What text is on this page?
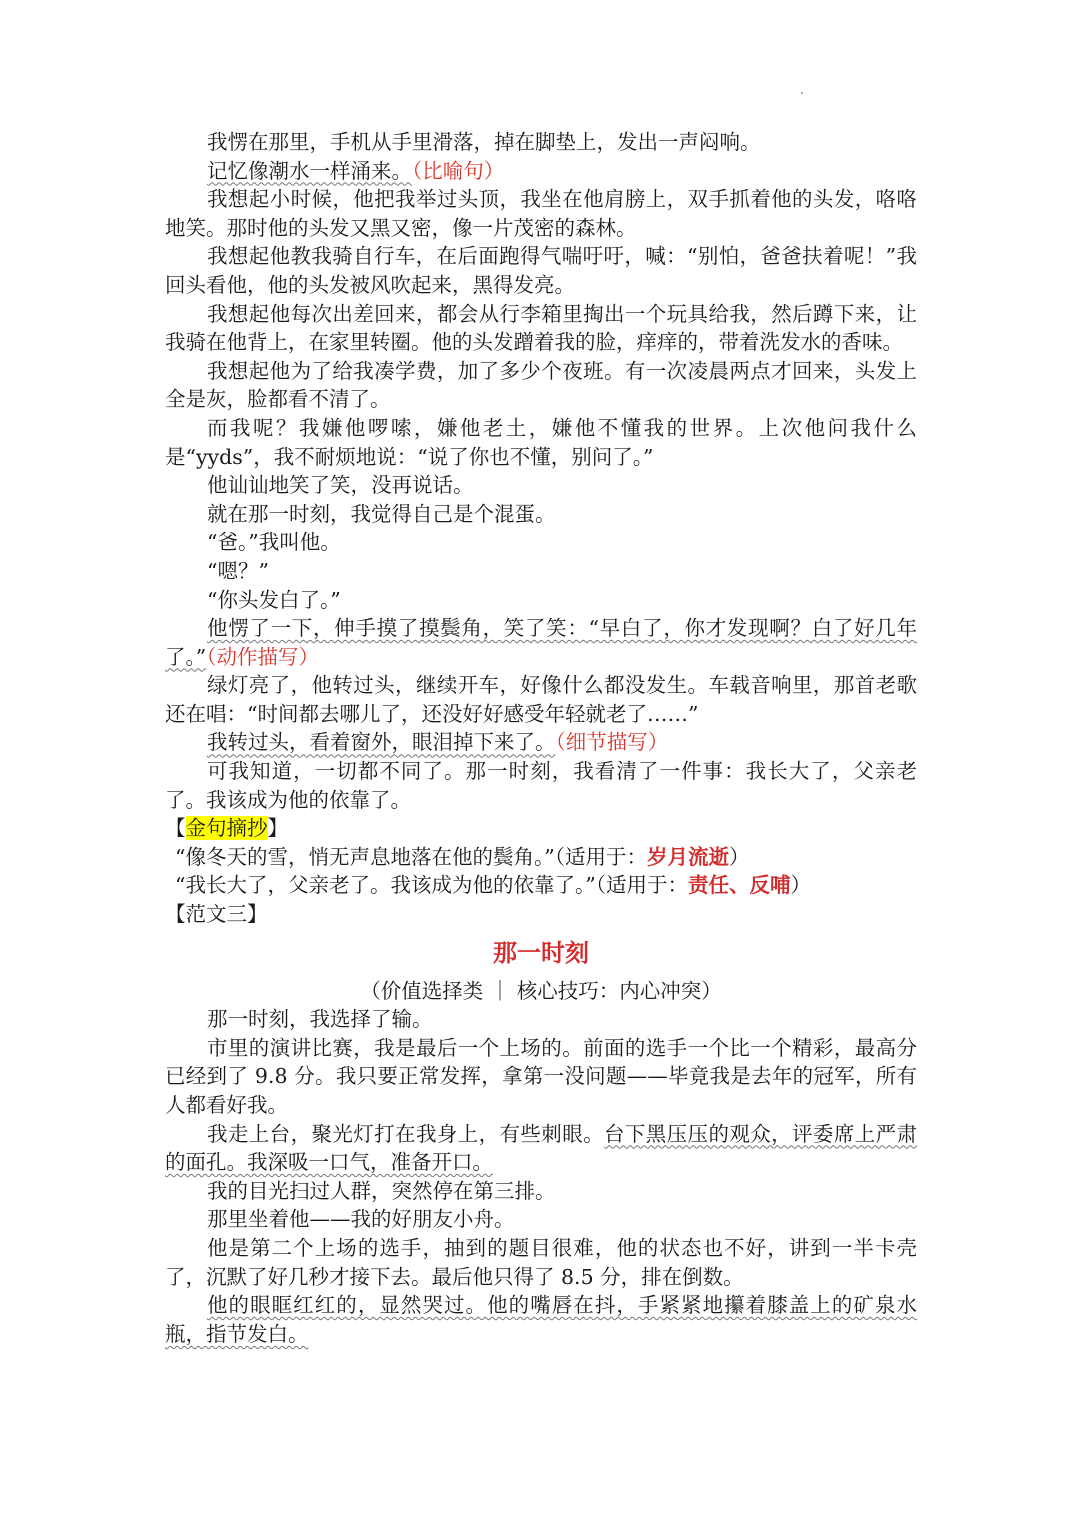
我愣在那里，手机从手里滑落，掉在脚垫上，发出一声闷响。

记忆像潮水一样涌来。（比喻句）

我想起小时候，他把我举过头顶，我坐在他肩膀上，双手抓着他的头发，咯咯地笑。那时他的头发又黑又密，像一片茂密的森林。

我想起他教我骑自行车，在后面跑得气喘吁吁，喊：“别怕，爸爸扶着呢！”我回头看他，他的头发被风吹起来，黑得发亮。

我想起他每次出差回来，都会从行李箱里掏出一个玩具给我，然后蹲下来，让我骑在他背上，在家里转圈。他的头发蹭着我的脸，痒痒的，带着洗发水的香味。

我想起他为了给我凑学费，加了多少个夜班。有一次凌晨两点才回来，头发上全是灰，脸都看不清了。

而我呢？我嫌他啰嗦，嫌他老土，嫌他不懂我的世界。上次他问我什么是“yyds”，我不耐烦地说：“说了你也不懂，别问了。”

他讪讪地笑了笑，没再说话。

就在那一时刻，我觉得自己是个混蛋。

“爸。”我叫他。

“嗯？”

“你头发白了。”

他愣了一下，伸手摸了摸鬓角，笑了笑：“早白了，你才发现啊？白了好几年了。”（动作描写）

绿灯亮了，他转过头，继续开车，好像什么都没发生。车载音响里，那首老歌还在唱：“时间都去哪儿了，还没好好感受年轻就老了……”

我转过头，看着窗外，眼泪掉下来了。（细节描写）

可我知道，一切都不同了。那一时刻，我看清了一件事：我长大了，父亲老了。我该成为他的依靠了。

【金句摘抄】

“像冬天的雪，悄无声息地落在他的鬓角。”（适用于：岁月流逝）

“我长大了，父亲老了。我该成为他的依靠了。”（适用于：责任、反哺）

【范文三】

那一时刻

（价值选择类 ｜ 核心技巧：内心冲突）

那一时刻，我选择了输。

市里的演讲比赛，我是最后一个上场的。前面的选手一个比一个精彩，最高分已经到了 9.8 分。我只要正常发挥，拿第一没问题——毕竟我是去年的冠军，所有人都看好我。

我走上台，聚光灯打在我身上，有些刺眼。台下黑压压的观众，评委席上严肃的面孔。我深吸一口气，准备开口。

我的目光扫过人群，突然停在第三排。

那里坐着他——我的好朋友小舟。

他是第二个上场的选手，抽到的题目很难，他的状态也不好，讲到一半卡壳了，沉默了好几秒才接下去。最后他只得了 8.5 分，排在倒数。

他的眼眶红红的，显然哭过。他的嘴唇在抖，手紧紧地攥着膝盖上的矿泉水瓶，指节发白。
